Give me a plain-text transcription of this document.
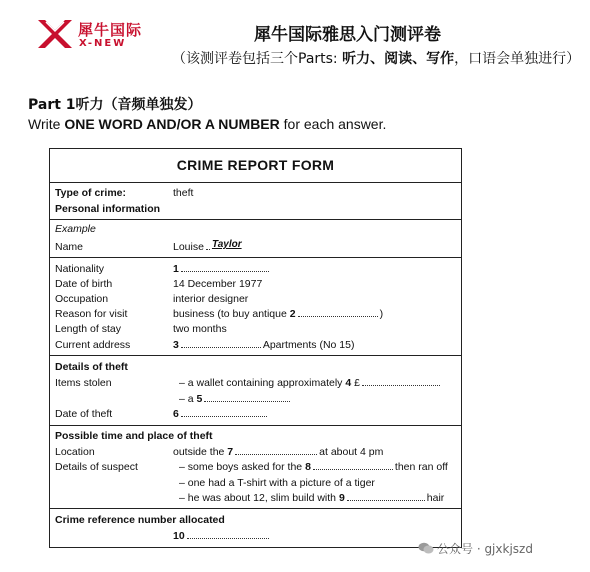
犀牛国际
X-NEW	犀牛国际雅思入门测评卷
（该测评卷包括三个Parts: 听力、阅读、写作，口语会单独进行）
Part 1听力（音频单独发）
Write ONE WORD AND/OR A NUMBER for each answer.
CRIME REPORT FORM
Type of crime:	theft
Personal information
Example
Name	Louise Taylor
Nationality	1
Date of birth	14 December 1977
Occupation	interior designer
Reason for visit	business (to buy antique 2	)
Length of stay	two months
Current address	3	Apartments (No 15)
Details of theft
Items stolen	– a wallet containing approximately 4 £
– a 5
Date of theft	6
Possible time and place of theft
Location	outside the 7	at about 4 pm
Details of suspect	– some boys asked for the 8	then ran off
– one had a T-shirt with a picture of a tiger
– he was about 12, slim build with 9	hair
Crime reference number allocated
10
公众号 · gjxkjszd
